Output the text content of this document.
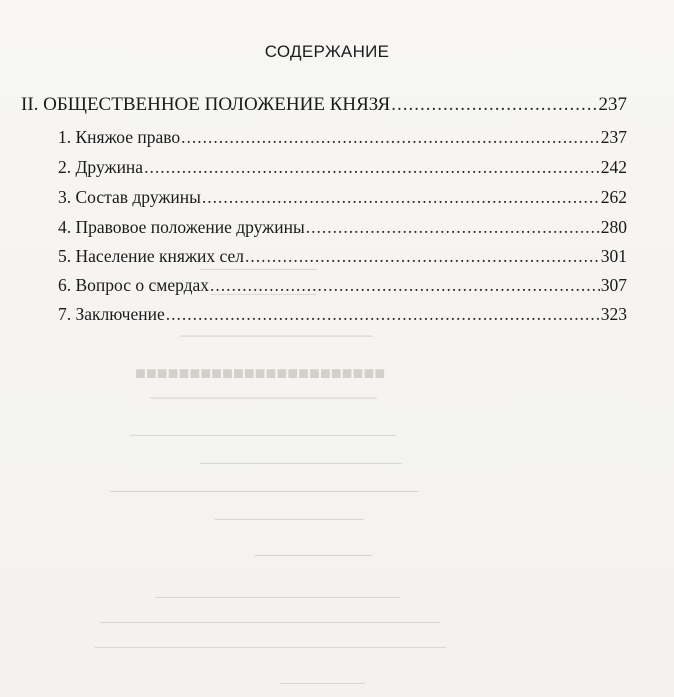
───────────
──────────
─────────────────
■■■■■■■■■■■■■■■■■■■■■■■
────────────────────
─────────────────────────
───────────────────
─────────────────────────────
──────────────
───────────
───────────────────────
────────────────────────────────
─────────────────────────────────
────────
СОДЕРЖАНИЕ
II. ОБЩЕСТВЕННОЕ ПОЛОЖЕНИЕ КНЯЗЯ .....	237
1. Княжое право .....	237
2. Дружина .....	242
3. Состав дружины .....	262
4. Правовое положение дружины .....	280
5. Население княжих сел .....	301
6. Вопрос о смердах .....	307
7. Заключение .....	323
